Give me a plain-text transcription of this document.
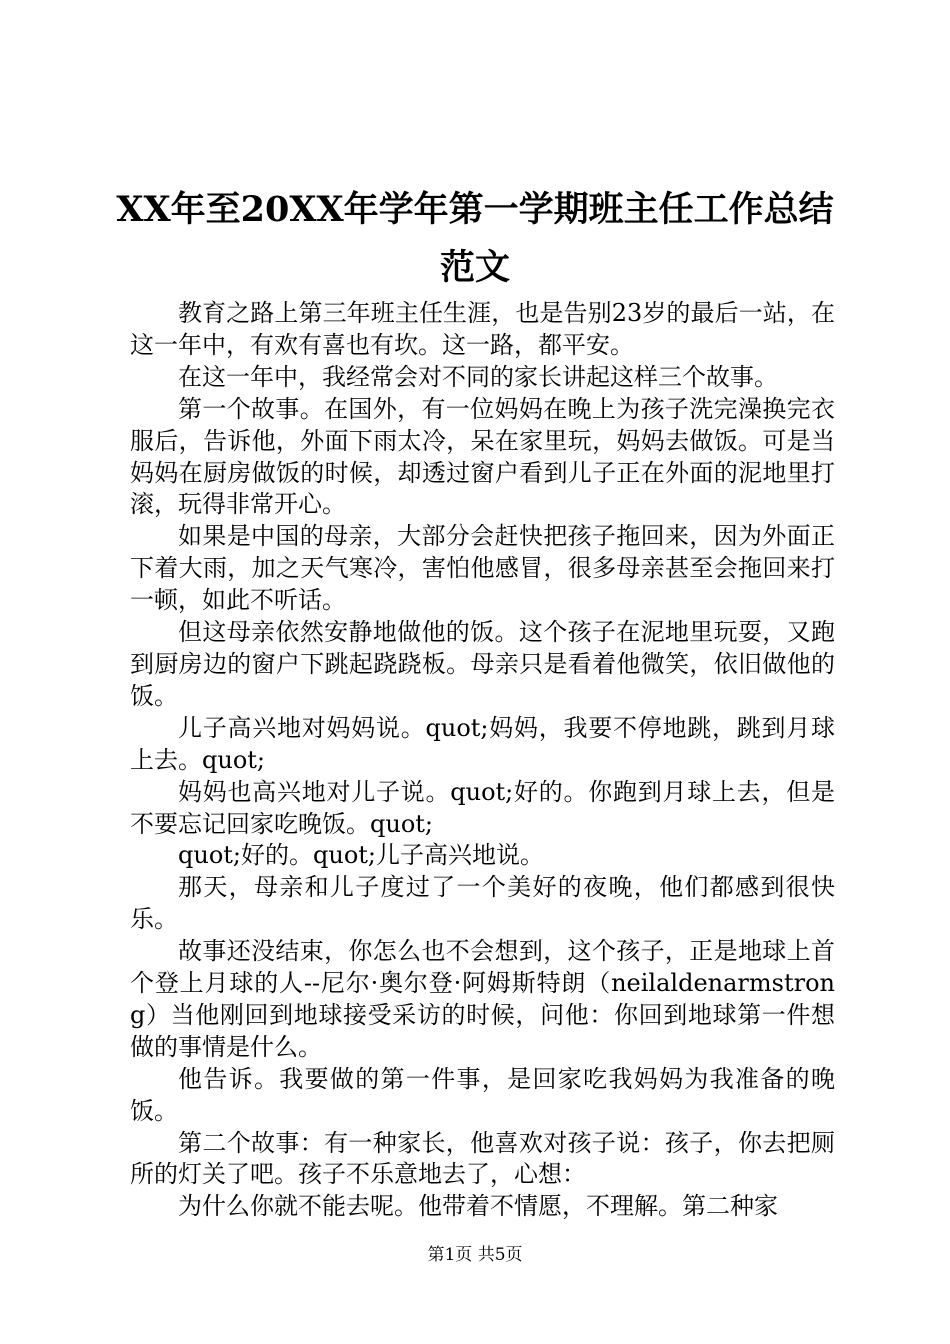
XX年至20XX年学年第一学期班主任工作总结
范文

教育之路上第三年班主任生涯，也是告别23岁的最后一站，在这一年中，有欢有喜也有坎。这一路，都平安。

在这一年中，我经常会对不同的家长讲起这样三个故事。

第一个故事。在国外，有一位妈妈在晚上为孩子洗完澡换完衣服后，告诉他，外面下雨太冷，呆在家里玩，妈妈去做饭。可是当妈妈在厨房做饭的时候，却透过窗户看到儿子正在外面的泥地里打滚，玩得非常开心。

如果是中国的母亲，大部分会赶快把孩子拖回来，因为外面正下着大雨，加之天气寒冷，害怕他感冒，很多母亲甚至会拖回来打一顿，如此不听话。

但这母亲依然安静地做他的饭。这个孩子在泥地里玩耍，又跑到厨房边的窗户下跳起跷跷板。母亲只是看着他微笑，依旧做他的饭。

儿子高兴地对妈妈说。quot;妈妈，我要不停地跳，跳到月球上去。quot;

妈妈也高兴地对儿子说。quot;好的。你跑到月球上去，但是不要忘记回家吃晚饭。quot;

quot;好的。quot;儿子高兴地说。

那天，母亲和儿子度过了一个美好的夜晚，他们都感到很快乐。

故事还没结束，你怎么也不会想到，这个孩子，正是地球上首个登上月球的人--尼尔·奥尔登·阿姆斯特朗（neilaldenarmstrong）当他刚回到地球接受采访的时候，问他：你回到地球第一件想做的事情是什么。

他告诉。我要做的第一件事，是回家吃我妈妈为我准备的晚饭。

第二个故事：有一种家长，他喜欢对孩子说：孩子，你去把厕所的灯关了吧。孩子不乐意地去了，心想：

为什么你就不能去呢。他带着不情愿，不理解。第二种家

第1页 共5页
